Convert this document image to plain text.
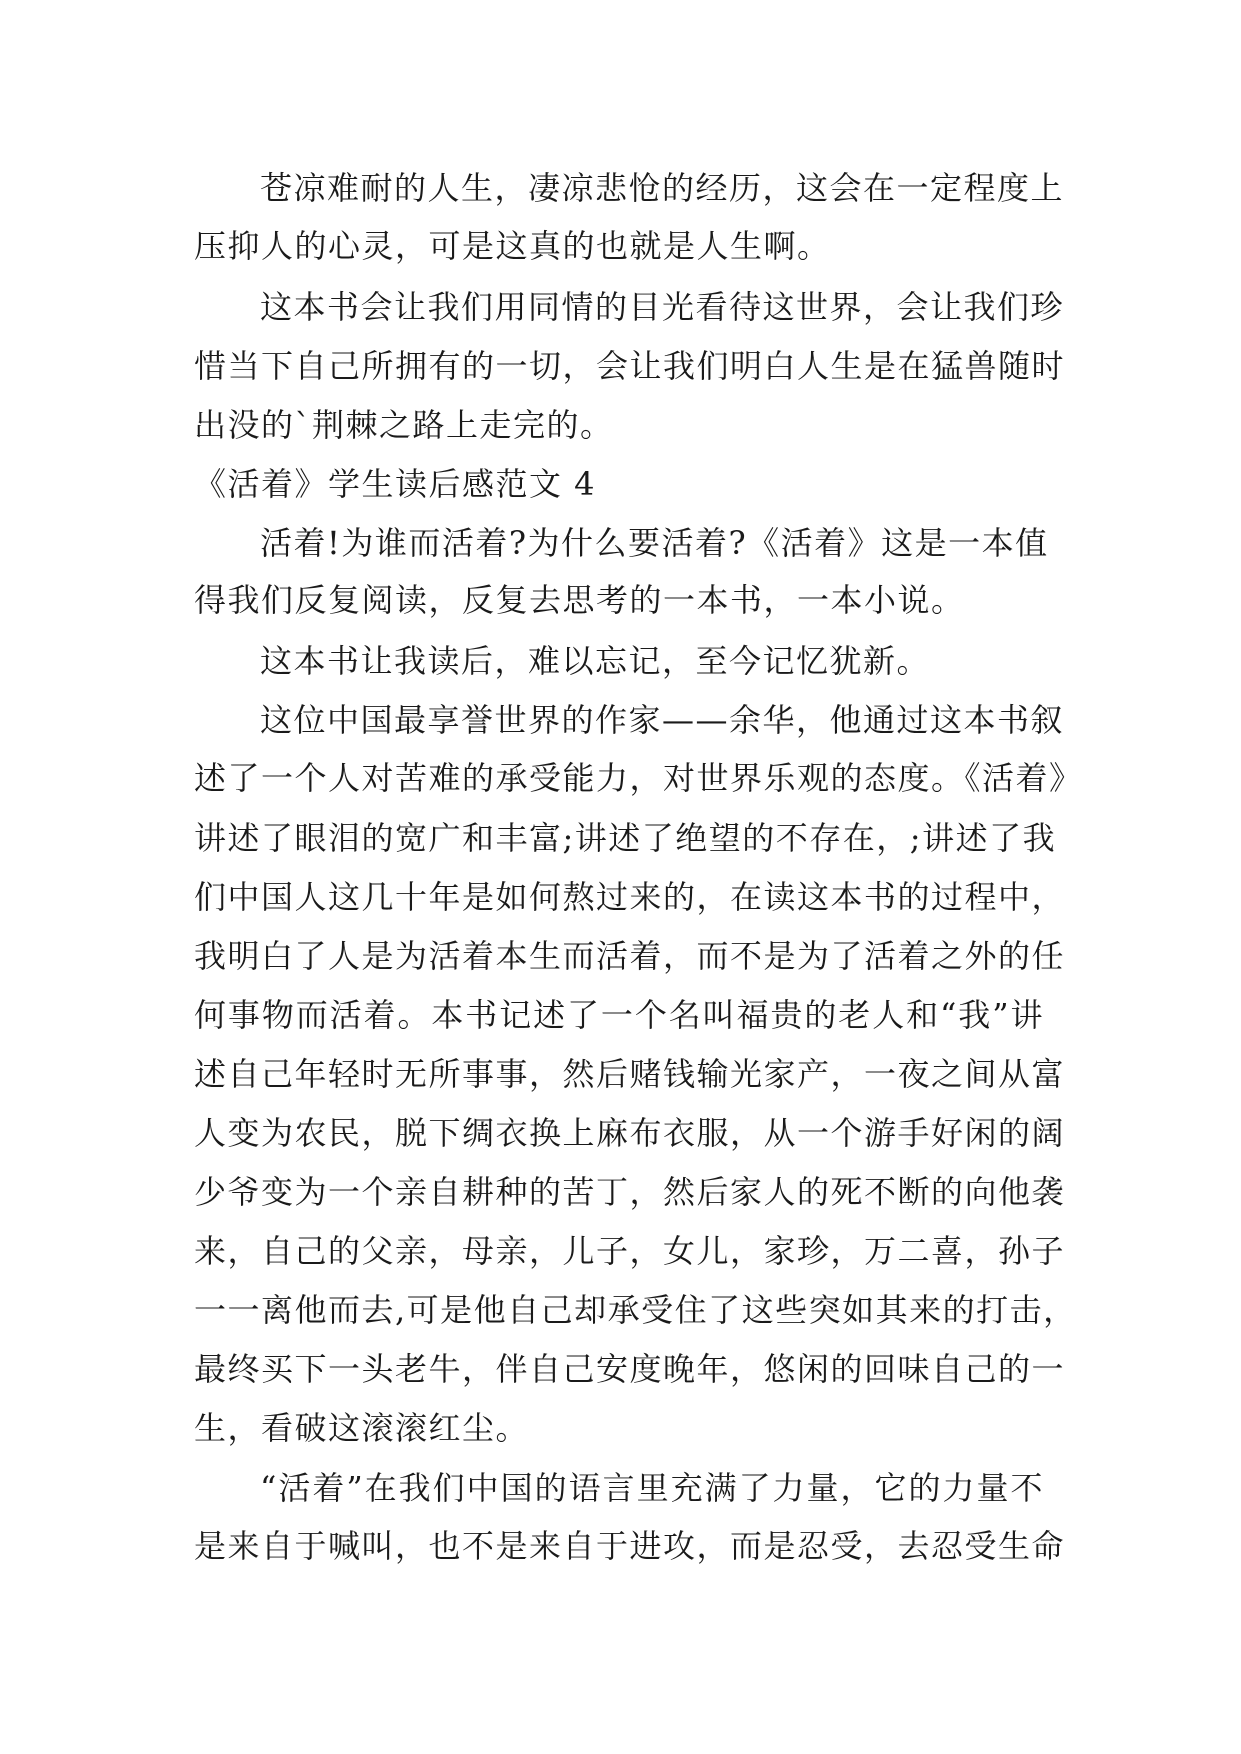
苍凉难耐的人生，凄凉悲怆的经历，这会在一定程度上
压抑人的心灵，可是这真的也就是人生啊。
这本书会让我们用同情的目光看待这世界，会让我们珍
惜当下自己所拥有的一切，会让我们明白人生是在猛兽随时
出没的`荆棘之路上走完的。
《活着》学生读后感范文 4
活着!为谁而活着?为什么要活着?《活着》这是一本值
得我们反复阅读，反复去思考的一本书，一本小说。
这本书让我读后，难以忘记，至今记忆犹新。
这位中国最享誉世界的作家——余华，他通过这本书叙
述了一个人对苦难的承受能力，对世界乐观的态度。《活着》
讲述了眼泪的宽广和丰富;讲述了绝望的不存在，;讲述了我
们中国人这几十年是如何熬过来的，在读这本书的过程中，
我明白了人是为活着本生而活着，而不是为了活着之外的任
何事物而活着。本书记述了一个名叫福贵的老人和“我”讲
述自己年轻时无所事事，然后赌钱输光家产，一夜之间从富
人变为农民，脱下绸衣换上麻布衣服，从一个游手好闲的阔
少爷变为一个亲自耕种的苦丁，然后家人的死不断的向他袭
来，自己的父亲，母亲，儿子，女儿，家珍，万二喜，孙子
一一离他而去,可是他自己却承受住了这些突如其来的打击，
最终买下一头老牛，伴自己安度晚年，悠闲的回味自己的一
生，看破这滚滚红尘。
“活着”在我们中国的语言里充满了力量，它的力量不
是来自于喊叫，也不是来自于进攻，而是忍受，去忍受生命
